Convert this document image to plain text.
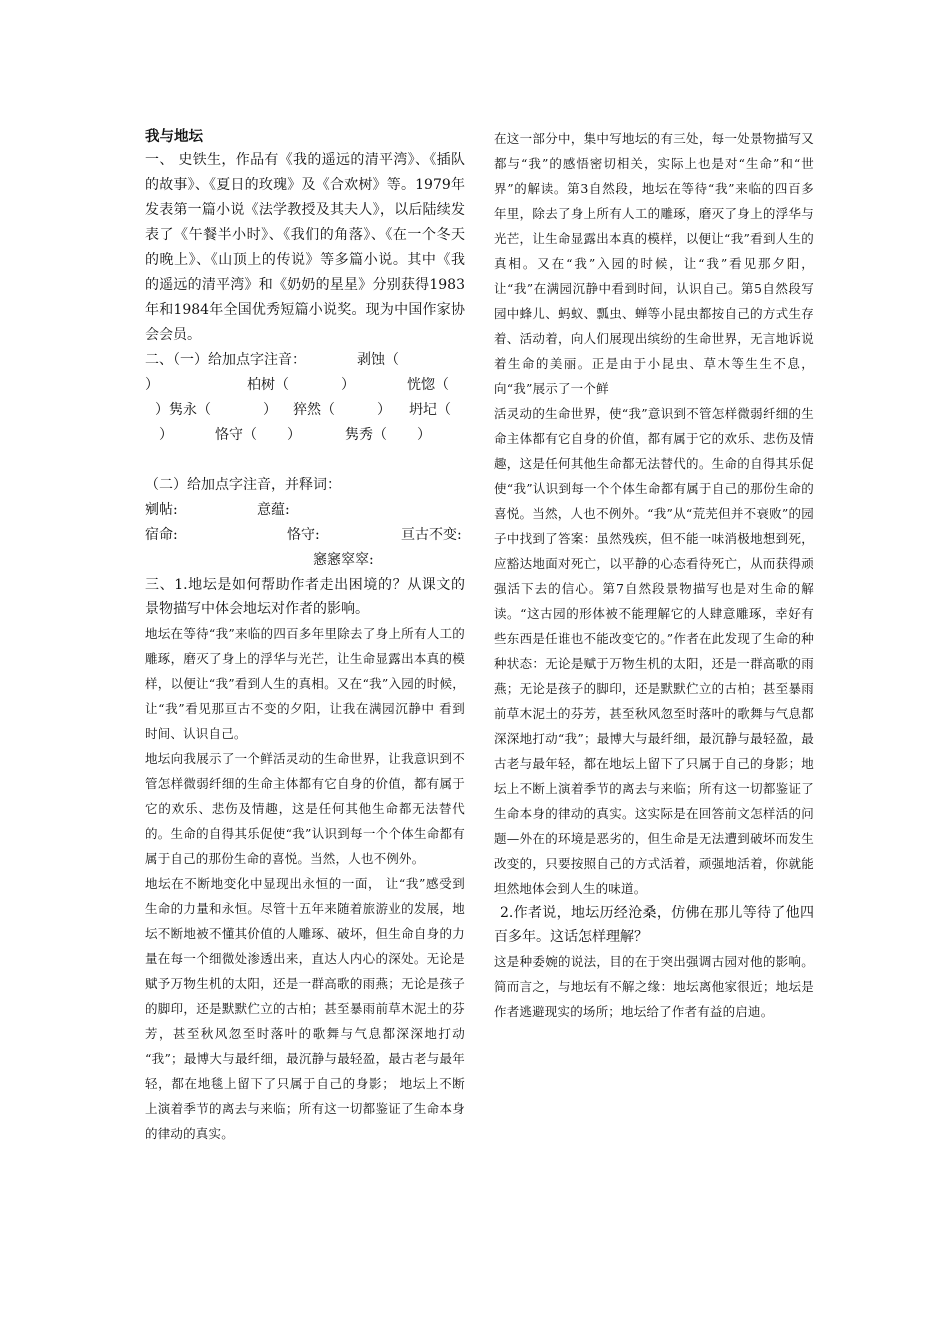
我与地坛

一、 史铁生，作品有《我的遥远的清平湾》、《插队的故事》、《夏日的玫瑰》及《合欢树》等。1979年发表第一篇小说《法学教授及其夫人》，以后陆续发表了《午餐半小时》、《我们的角落》、《在一个冬天的晚上》、《山顶上的传说》等多篇小说。其中《我的遥远的清平湾》和《奶奶的星星》分别获得1983年和1984年全国优秀短篇小说奖。现为中国作家协会会员。

二、（一）给加点字注音：	剥蚀（
）	柏树（	）	恍惚（
）隽永（	） 猝然（	） 坍圮（
）	恪守（ ）	隽秀（ ）
（二）给加点字注音，并释词：
剜帖:	意蕴:
宿命:	恪守:	亘古不变:
窸窸窣窣:

三、1.地坛是如何帮助作者走出困境的？从课文的景物描写中体会地坛对作者的影响。

地坛在等待“我”来临的四百多年里除去了身上所有人工的雕琢，磨灭了身上的浮华与光芒，让生命显露出本真的模样，以便让“我”看到人生的真相。又在“我”入园的时候， 让“我”看见那亘古不变的夕阳，让我在满园沉静中 看到时间、认识自己。

地坛向我展示了一个鲜活灵动的生命世界，让我意识到不管怎样微弱纤细的生命主体都有它自身的价值，都有属于它的欢乐、悲伤及情趣，这是任何其他生命都无法替代的。生命的自得其乐促使“我”认识到每一个个体生命都有属于自己的那份生命的喜悦。当然，人也不例外。

地坛在不断地变化中显现出永恒的一面， 让“我”感受到生命的力量和永恒。尽管十五年来随着旅游业的发展，地坛不断地被不懂其价值的人雕琢、破坏，但生命自身的力量在每一个细微处渗透出来，直达人内心的深处。无论是赋予万物生机的太阳，还是一群高歌的雨燕；无论是孩子的脚印，还是默默伫立的古柏；甚至暴雨前草木泥土的芬芳，甚至秋风忽至时落叶的歌舞与气息都深深地打动 “我”；最博大与最纤细，最沉静与最轻盈，最古老与最年轻，都在地毯上留下了只属于自己的身影； 地坛上不断上演着季节的离去与来临；所有这一切都鉴证了生命本身的律动的真实。

在这一部分中，集中写地坛的有三处，每一处景物描写又都与“我”的感悟密切相关，实际上也是对“生命”和“世界”的解读。第3自然段，地坛在等待“我”来临的四百多年里，除去了身上所有人工的雕琢，磨灭了身上的浮华与光芒，让生命显露出本真的模样，以便让“我”看到人生的真相。又在“我”入园的时候，让“我”看见那夕阳，让“我”在满园沉静中看到时间，认识自己。第5自然段写园中蜂儿、蚂蚁、瓢虫、蝉等小昆虫都按自己的方式生存着、活动着，向人们展现出缤纷的生命世界，无言地诉说着生命的美丽。正是由于小昆虫、草木等生生不息，向“我”展示了一个鲜

活灵动的生命世界，使“我”意识到不管怎样微弱纤细的生命主体都有它自身的价值，都有属于它的欢乐、悲伤及情趣，这是任何其他生命都无法替代的。生命的自得其乐促使“我”认识到每一个个体生命都有属于自己的那份生命的喜悦。当然，人也不例外。“我”从“荒芜但并不衰败”的园子中找到了答案：虽然残疾，但不能一味消极地想到死，应豁达地面对死亡，以平静的心态看待死亡，从而获得顽强活下去的信心。第7自然段景物描写也是对生命的解读。“这古园的形体被不能理解它的人肆意雕琢，幸好有些东西是任谁也不能改变它的。”作者在此发现了生命的种种状态：无论是赋于万物生机的太阳，还是一群高歌的雨燕；无论是孩子的脚印，还是默默伫立的古柏；甚至暴雨前草木泥土的芬芳，甚至秋风忽至时落叶的歌舞与气息都深深地打动“我”；最博大与最纤细，最沉静与最轻盈，最古老与最年轻，都在地坛上留下了只属于自己的身影；地坛上不断上演着季节的离去与来临；所有这一切都鉴证了生命本身的律动的真实。这实际是在回答前文怎样活的问题—外在的环境是恶劣的，但生命是无法遭到破坏而发生改变的，只要按照自己的方式活着，顽强地活着，你就能坦然地体会到人生的味道。

2.作者说，地坛历经沧桑，仿佛在那儿等待了他四百多年。这话怎样理解？

这是种委婉的说法，目的在于突出强调古园对他的影响。简而言之，与地坛有不解之缘：地坛离他家很近；地坛是作者逃避现实的场所；地坛给了作者有益的启迪。
